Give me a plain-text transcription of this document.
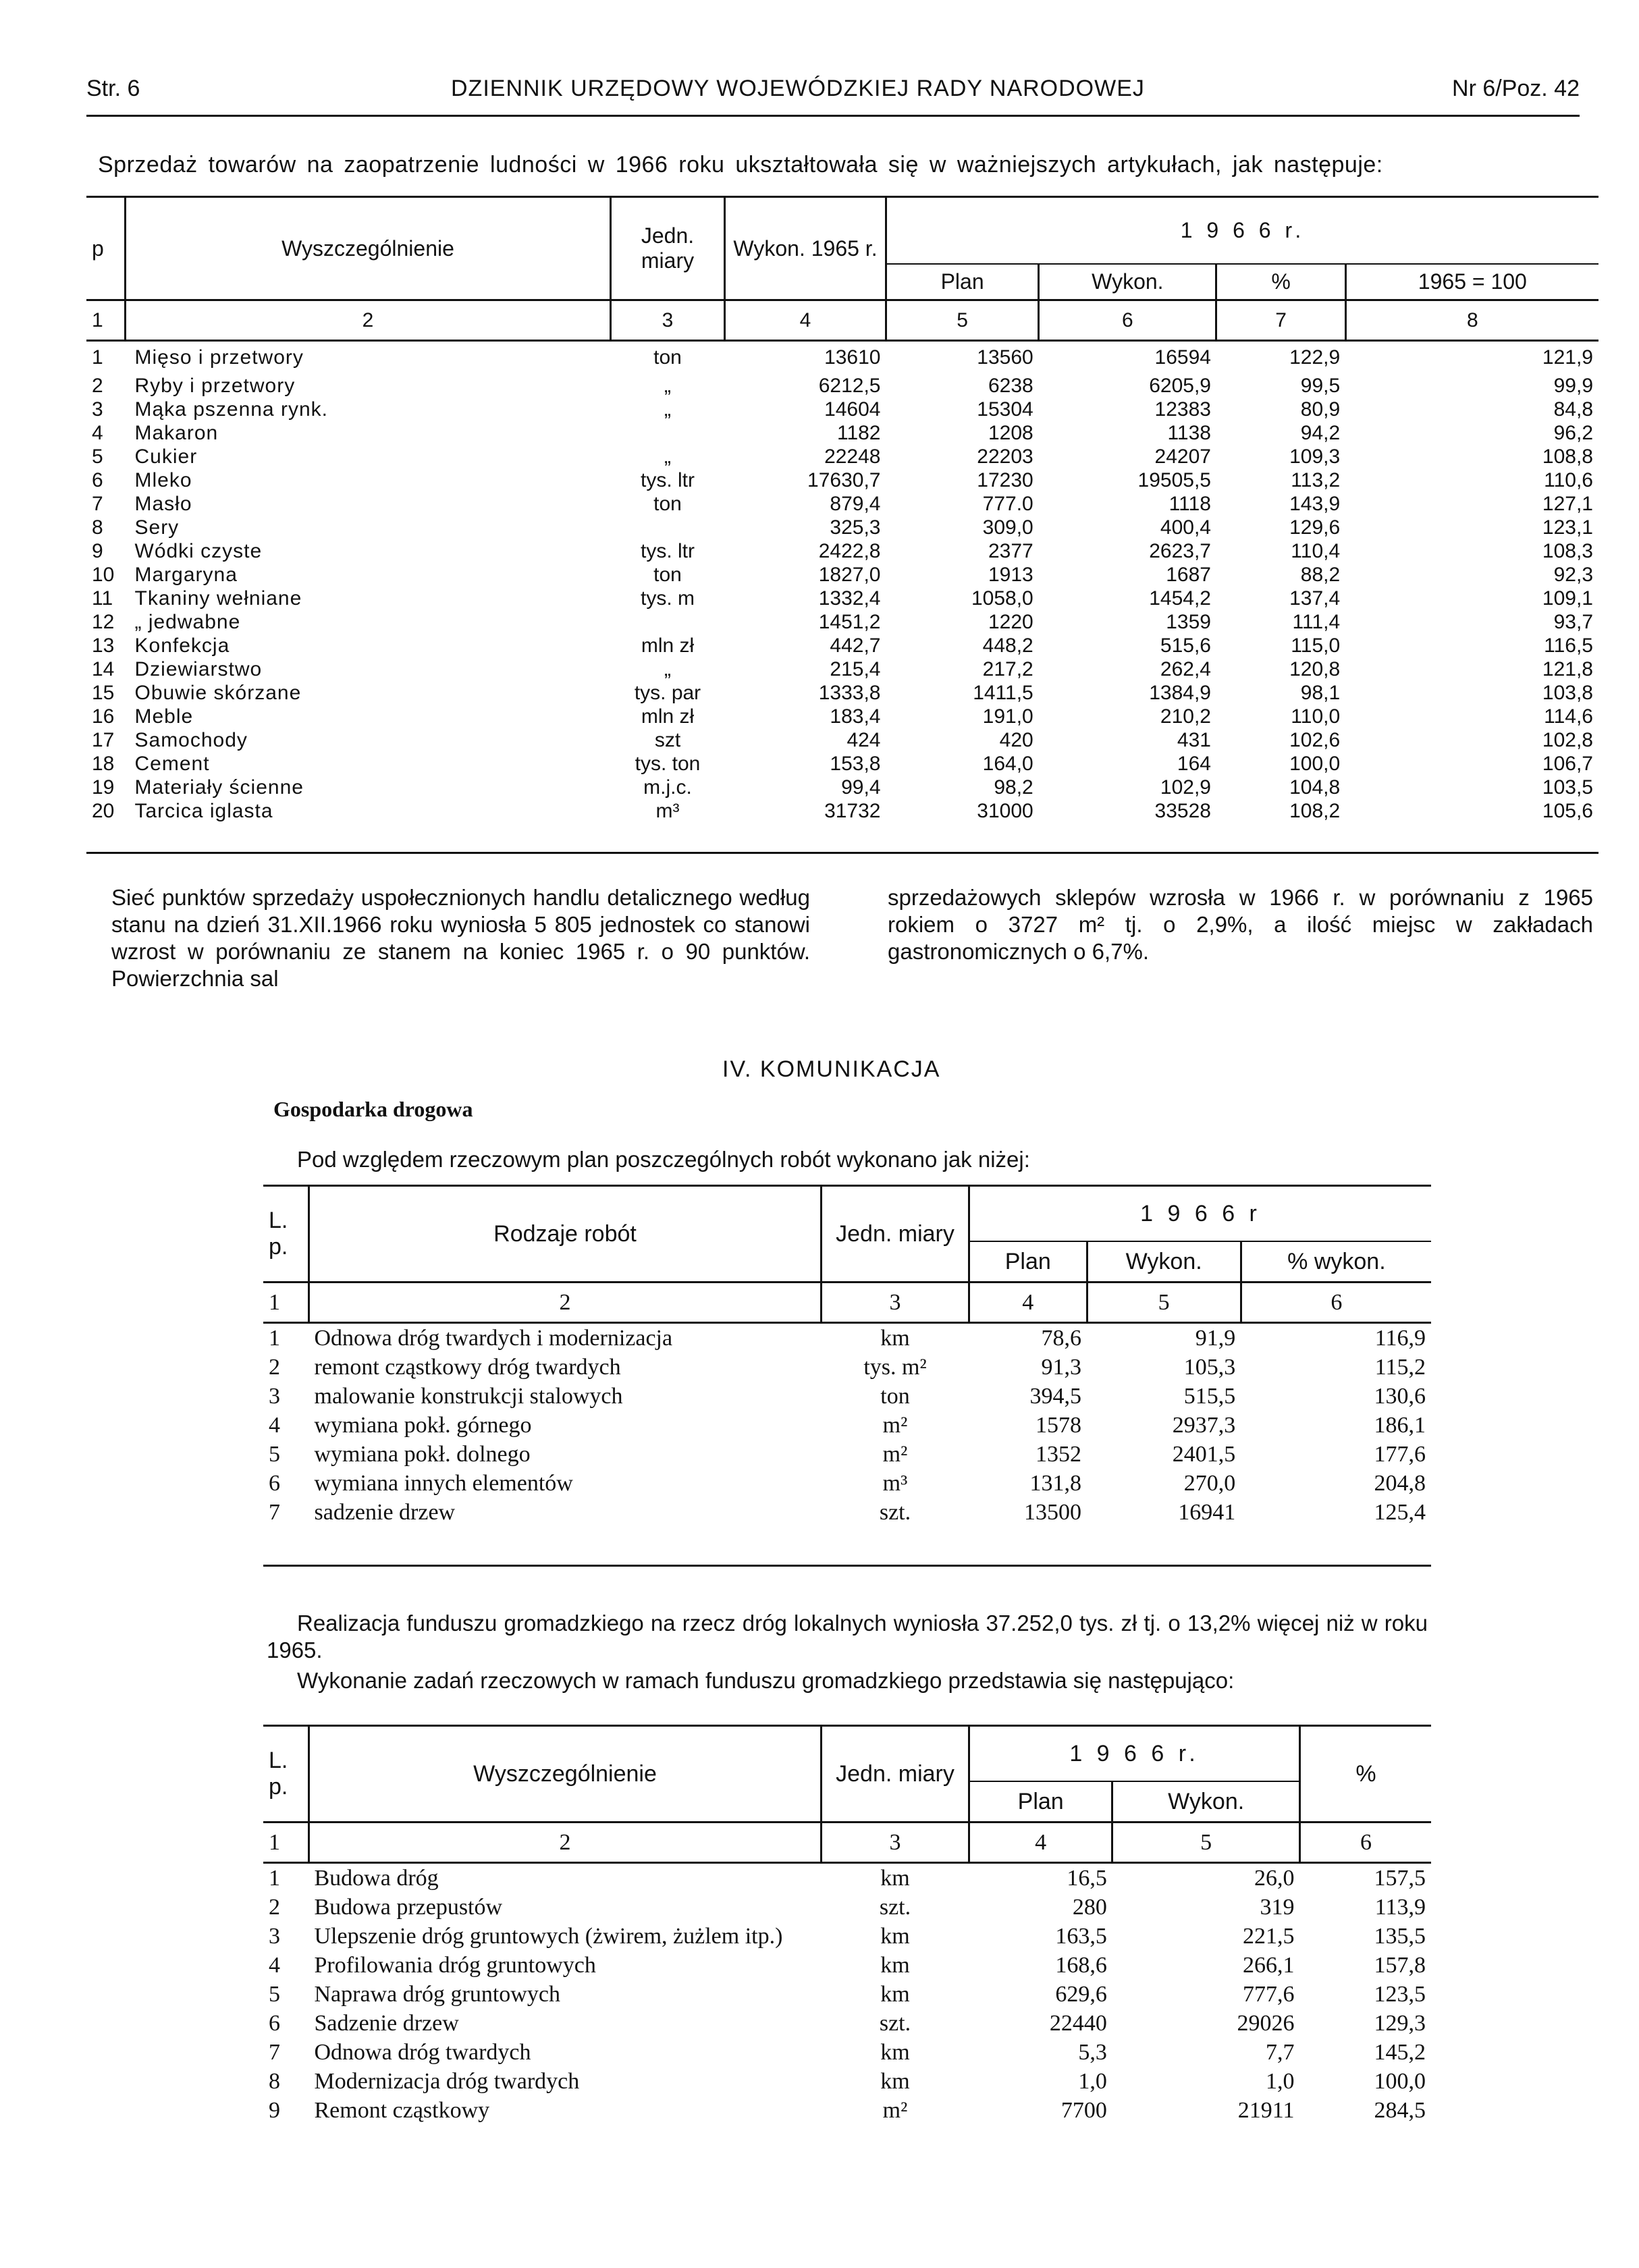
Str. 6	DZIENNIK URZĘDOWY WOJEWÓDZKIEJ RADY NARODOWEJ	Nr 6/Poz. 42
Sprzedaż towarów na zaopatrzenie ludności w 1966 roku ukształtowała się w ważniejszych artykułach, jak następuje:
p	Wyszczególnienie	Jedn. miary	Wykon. 1965 r.	1 9 6 6 r.			
				Plan	Wykon.	%	1965 = 100
1	2	3	4	5	6	7	8
1	Mięso i przetwory	ton	13610	13560	16594	122,9	121,9
2	Ryby i przetwory	„	6212,5	6238	6205,9	99,5	99,9
3	Mąka pszenna rynk.	„	14604	15304	12383	80,9	84,8
4	Makaron		1182	1208	1138	94,2	96,2
5	Cukier	„	22248	22203	24207	109,3	108,8
6	Mleko	tys. ltr	17630,7	17230	19505,5	113,2	110,6
7	Masło	ton	879,4	777.0	1118	143,9	127,1
8	Sery		325,3	309,0	400,4	129,6	123,1
9	Wódki czyste	tys. ltr	2422,8	2377	2623,7	110,4	108,3
10	Margaryna	ton	1827,0	1913	1687	88,2	92,3
11	Tkaniny wełniane	tys. m	1332,4	1058,0	1454,2	137,4	109,1
12	„ jedwabne		1451,2	1220	1359	111,4	93,7
13	Konfekcja	mln zł	442,7	448,2	515,6	115,0	116,5
14	Dziewiarstwo	„	215,4	217,2	262,4	120,8	121,8
15	Obuwie skórzane	tys. par	1333,8	1411,5	1384,9	98,1	103,8
16	Meble	mln zł	183,4	191,0	210,2	110,0	114,6
17	Samochody	szt	424	420	431	102,6	102,8
18	Cement	tys. ton	153,8	164,0	164	100,0	106,7
19	Materiały ścienne	m.j.c.	99,4	98,2	102,9	104,8	103,5
20	Tarcica iglasta	m³	31732	31000	33528	108,2	105,6
Sieć punktów sprzedaży uspołecznionych handlu detalicznego według stanu na dzień 31.XII.1966 roku wyniosła 5 805 jednostek co stanowi wzrost w porównaniu ze stanem na koniec 1965 r. o 90 punktów. Powierzchnia sal
sprzedażowych sklepów wzrosła w 1966 r. w porównaniu z 1965 rokiem o 3727 m² tj. o 2,9%, a ilość miejsc w zakładach gastronomicznych o 6,7%.
IV. KOMUNIKACJA
Gospodarka drogowa
Pod względem rzeczowym plan poszczególnych robót wykonano jak niżej:
L. p.	Rodzaje robót	Jedn. miary	1 9 6 6 r		
			Plan	Wykon.	% wykon.
1	2	3	4	5	6
1	Odnowa dróg twardych i modernizacja	km	78,6	91,9	116,9
2	remont cząstkowy dróg twardych	tys. m²	91,3	105,3	115,2
3	malowanie konstrukcji stalowych	ton	394,5	515,5	130,6
4	wymiana pokł. górnego	m²	1578	2937,3	186,1
5	wymiana pokł. dolnego	m²	1352	2401,5	177,6
6	wymiana innych elementów	m³	131,8	270,0	204,8
7	sadzenie drzew	szt.	13500	16941	125,4
Realizacja funduszu gromadzkiego na rzecz dróg lokalnych wyniosła 37.252,0 tys. zł tj. o 13,2% więcej niż w roku 1965.
Wykonanie zadań rzeczowych w ramach funduszu gromadzkiego przedstawia się następująco:
L. p.	Wyszczególnienie	Jedn. miary	1 9 6 6 r.		%
			Plan	Wykon.	
1	2	3	4	5	6
1	Budowa dróg	km	16,5	26,0	157,5
2	Budowa przepustów	szt.	280	319	113,9
3	Ulepszenie dróg gruntowych (żwirem, żużlem itp.)	km	163,5	221,5	135,5
4	Profilowania dróg gruntowych	km	168,6	266,1	157,8
5	Naprawa dróg gruntowych	km	629,6	777,6	123,5
6	Sadzenie drzew	szt.	22440	29026	129,3
7	Odnowa dróg twardych	km	5,3	7,7	145,2
8	Modernizacja dróg twardych	km	1,0	1,0	100,0
9	Remont cząstkowy	m²	7700	21911	284,5
